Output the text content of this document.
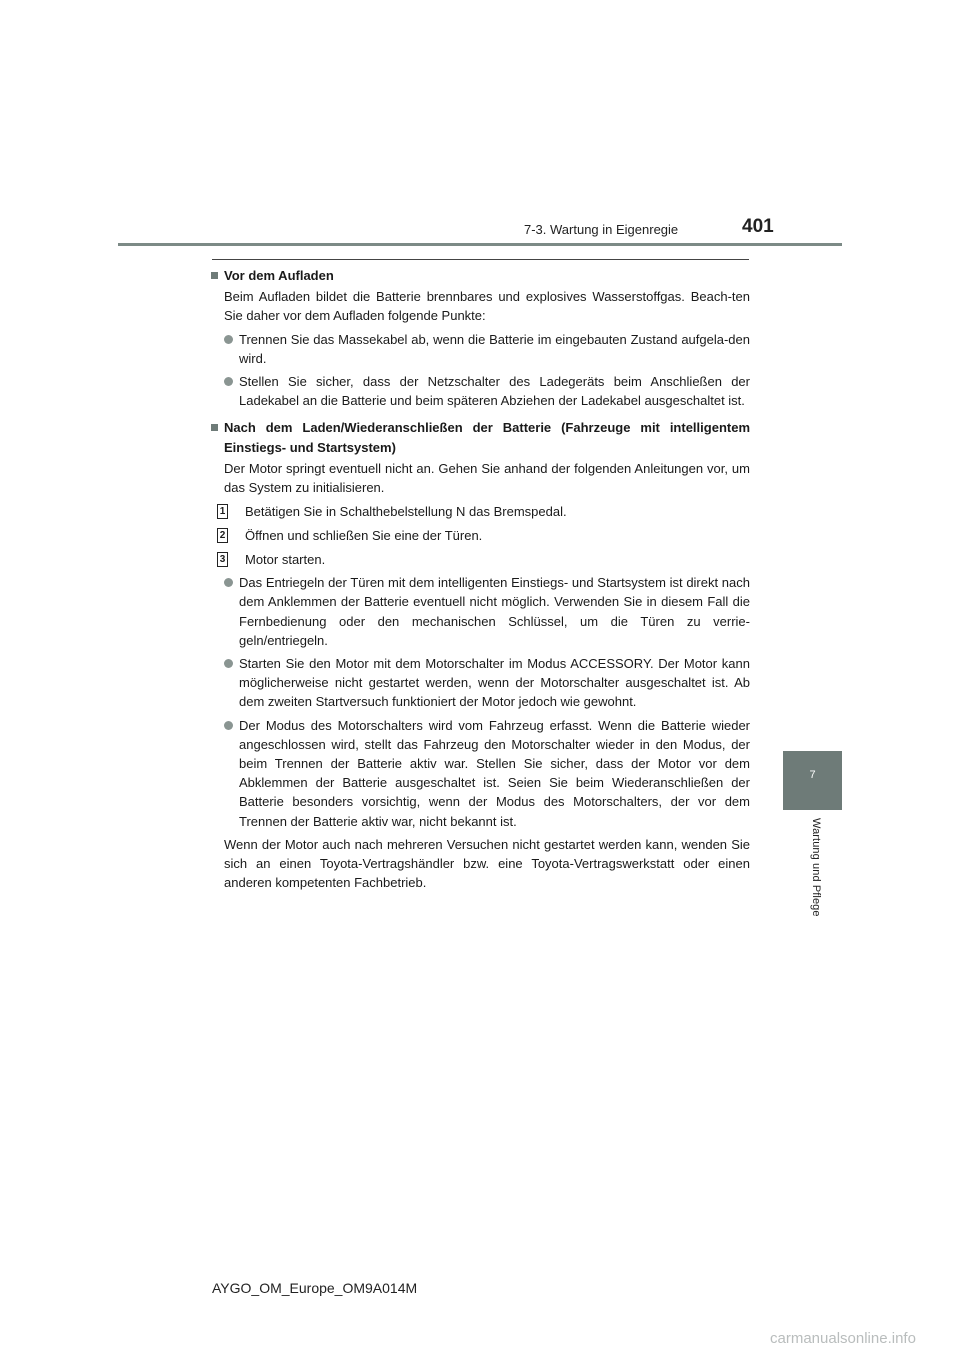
7-3. Wartung in Eigenregie	401
7
Wartung und Pflege
Vor dem Aufladen
Beim Aufladen bildet die Batterie brennbares und explosives Wasserstoffgas. Beach-ten Sie daher vor dem Aufladen folgende Punkte:
Trennen Sie das Massekabel ab, wenn die Batterie im eingebauten Zustand aufgela-den wird.
Stellen Sie sicher, dass der Netzschalter des Ladegeräts beim Anschließen der Ladekabel an die Batterie und beim späteren Abziehen der Ladekabel ausgeschaltet ist.
Nach dem Laden/Wiederanschließen der Batterie (Fahrzeuge mit intelligentem Einstiegs- und Startsystem)
Der Motor springt eventuell nicht an. Gehen Sie anhand der folgenden Anleitungen vor, um das System zu initialisieren.
1 Betätigen Sie in Schalthebelstellung N das Bremspedal.
2 Öffnen und schließen Sie eine der Türen.
3 Motor starten.
Das Entriegeln der Türen mit dem intelligenten Einstiegs- und Startsystem ist direkt nach dem Anklemmen der Batterie eventuell nicht möglich. Verwenden Sie in diesem Fall die Fernbedienung oder den mechanischen Schlüssel, um die Türen zu verrie-geln/entriegeln.
Starten Sie den Motor mit dem Motorschalter im Modus ACCESSORY. Der Motor kann möglicherweise nicht gestartet werden, wenn der Motorschalter ausgeschaltet ist. Ab dem zweiten Startversuch funktioniert der Motor jedoch wie gewohnt.
Der Modus des Motorschalters wird vom Fahrzeug erfasst. Wenn die Batterie wieder angeschlossen wird, stellt das Fahrzeug den Motorschalter wieder in den Modus, der beim Trennen der Batterie aktiv war. Stellen Sie sicher, dass der Motor vor dem Abklemmen der Batterie ausgeschaltet ist. Seien Sie beim Wiederanschließen der Batterie besonders vorsichtig, wenn der Modus des Motorschalters, der vor dem Trennen der Batterie aktiv war, nicht bekannt ist.
Wenn der Motor auch nach mehreren Versuchen nicht gestartet werden kann, wenden Sie sich an einen Toyota-Vertragshändler bzw. eine Toyota-Vertragswerkstatt oder einen anderen kompetenten Fachbetrieb.
AYGO_OM_Europe_OM9A014M
carmanualsonline.info
